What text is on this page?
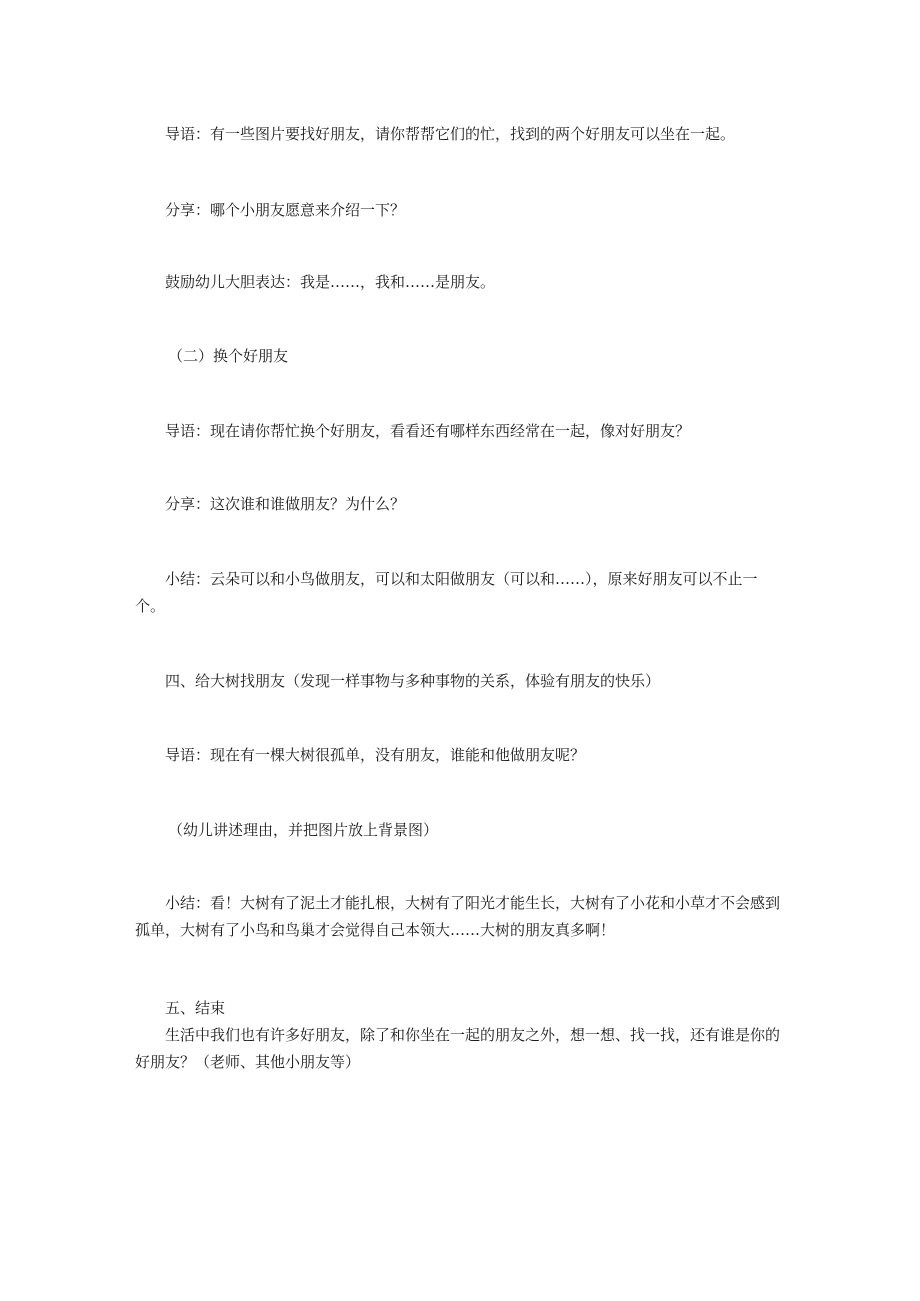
导语：有一些图片要找好朋友，请你帮帮它们的忙，找到的两个好朋友可以坐在一起。

分享：哪个小朋友愿意来介绍一下？

鼓励幼儿大胆表达：我是……，我和……是朋友。

（二）换个好朋友

导语：现在请你帮忙换个好朋友，看看还有哪样东西经常在一起，像对好朋友？

分享：这次谁和谁做朋友？为什么？

小结：云朵可以和小鸟做朋友，可以和太阳做朋友（可以和……），原来好朋友可以不止一个。

四、给大树找朋友（发现一样事物与多种事物的关系，体验有朋友的快乐）

导语：现在有一棵大树很孤单，没有朋友，谁能和他做朋友呢？

（幼儿讲述理由，并把图片放上背景图）

小结：看！大树有了泥土才能扎根，大树有了阳光才能生长，大树有了小花和小草才不会感到孤单，大树有了小鸟和鸟巢才会觉得自己本领大……大树的朋友真多啊！

五、结束

生活中我们也有许多好朋友，除了和你坐在一起的朋友之外，想一想、找一找，还有谁是你的好朋友？（老师、其他小朋友等）
